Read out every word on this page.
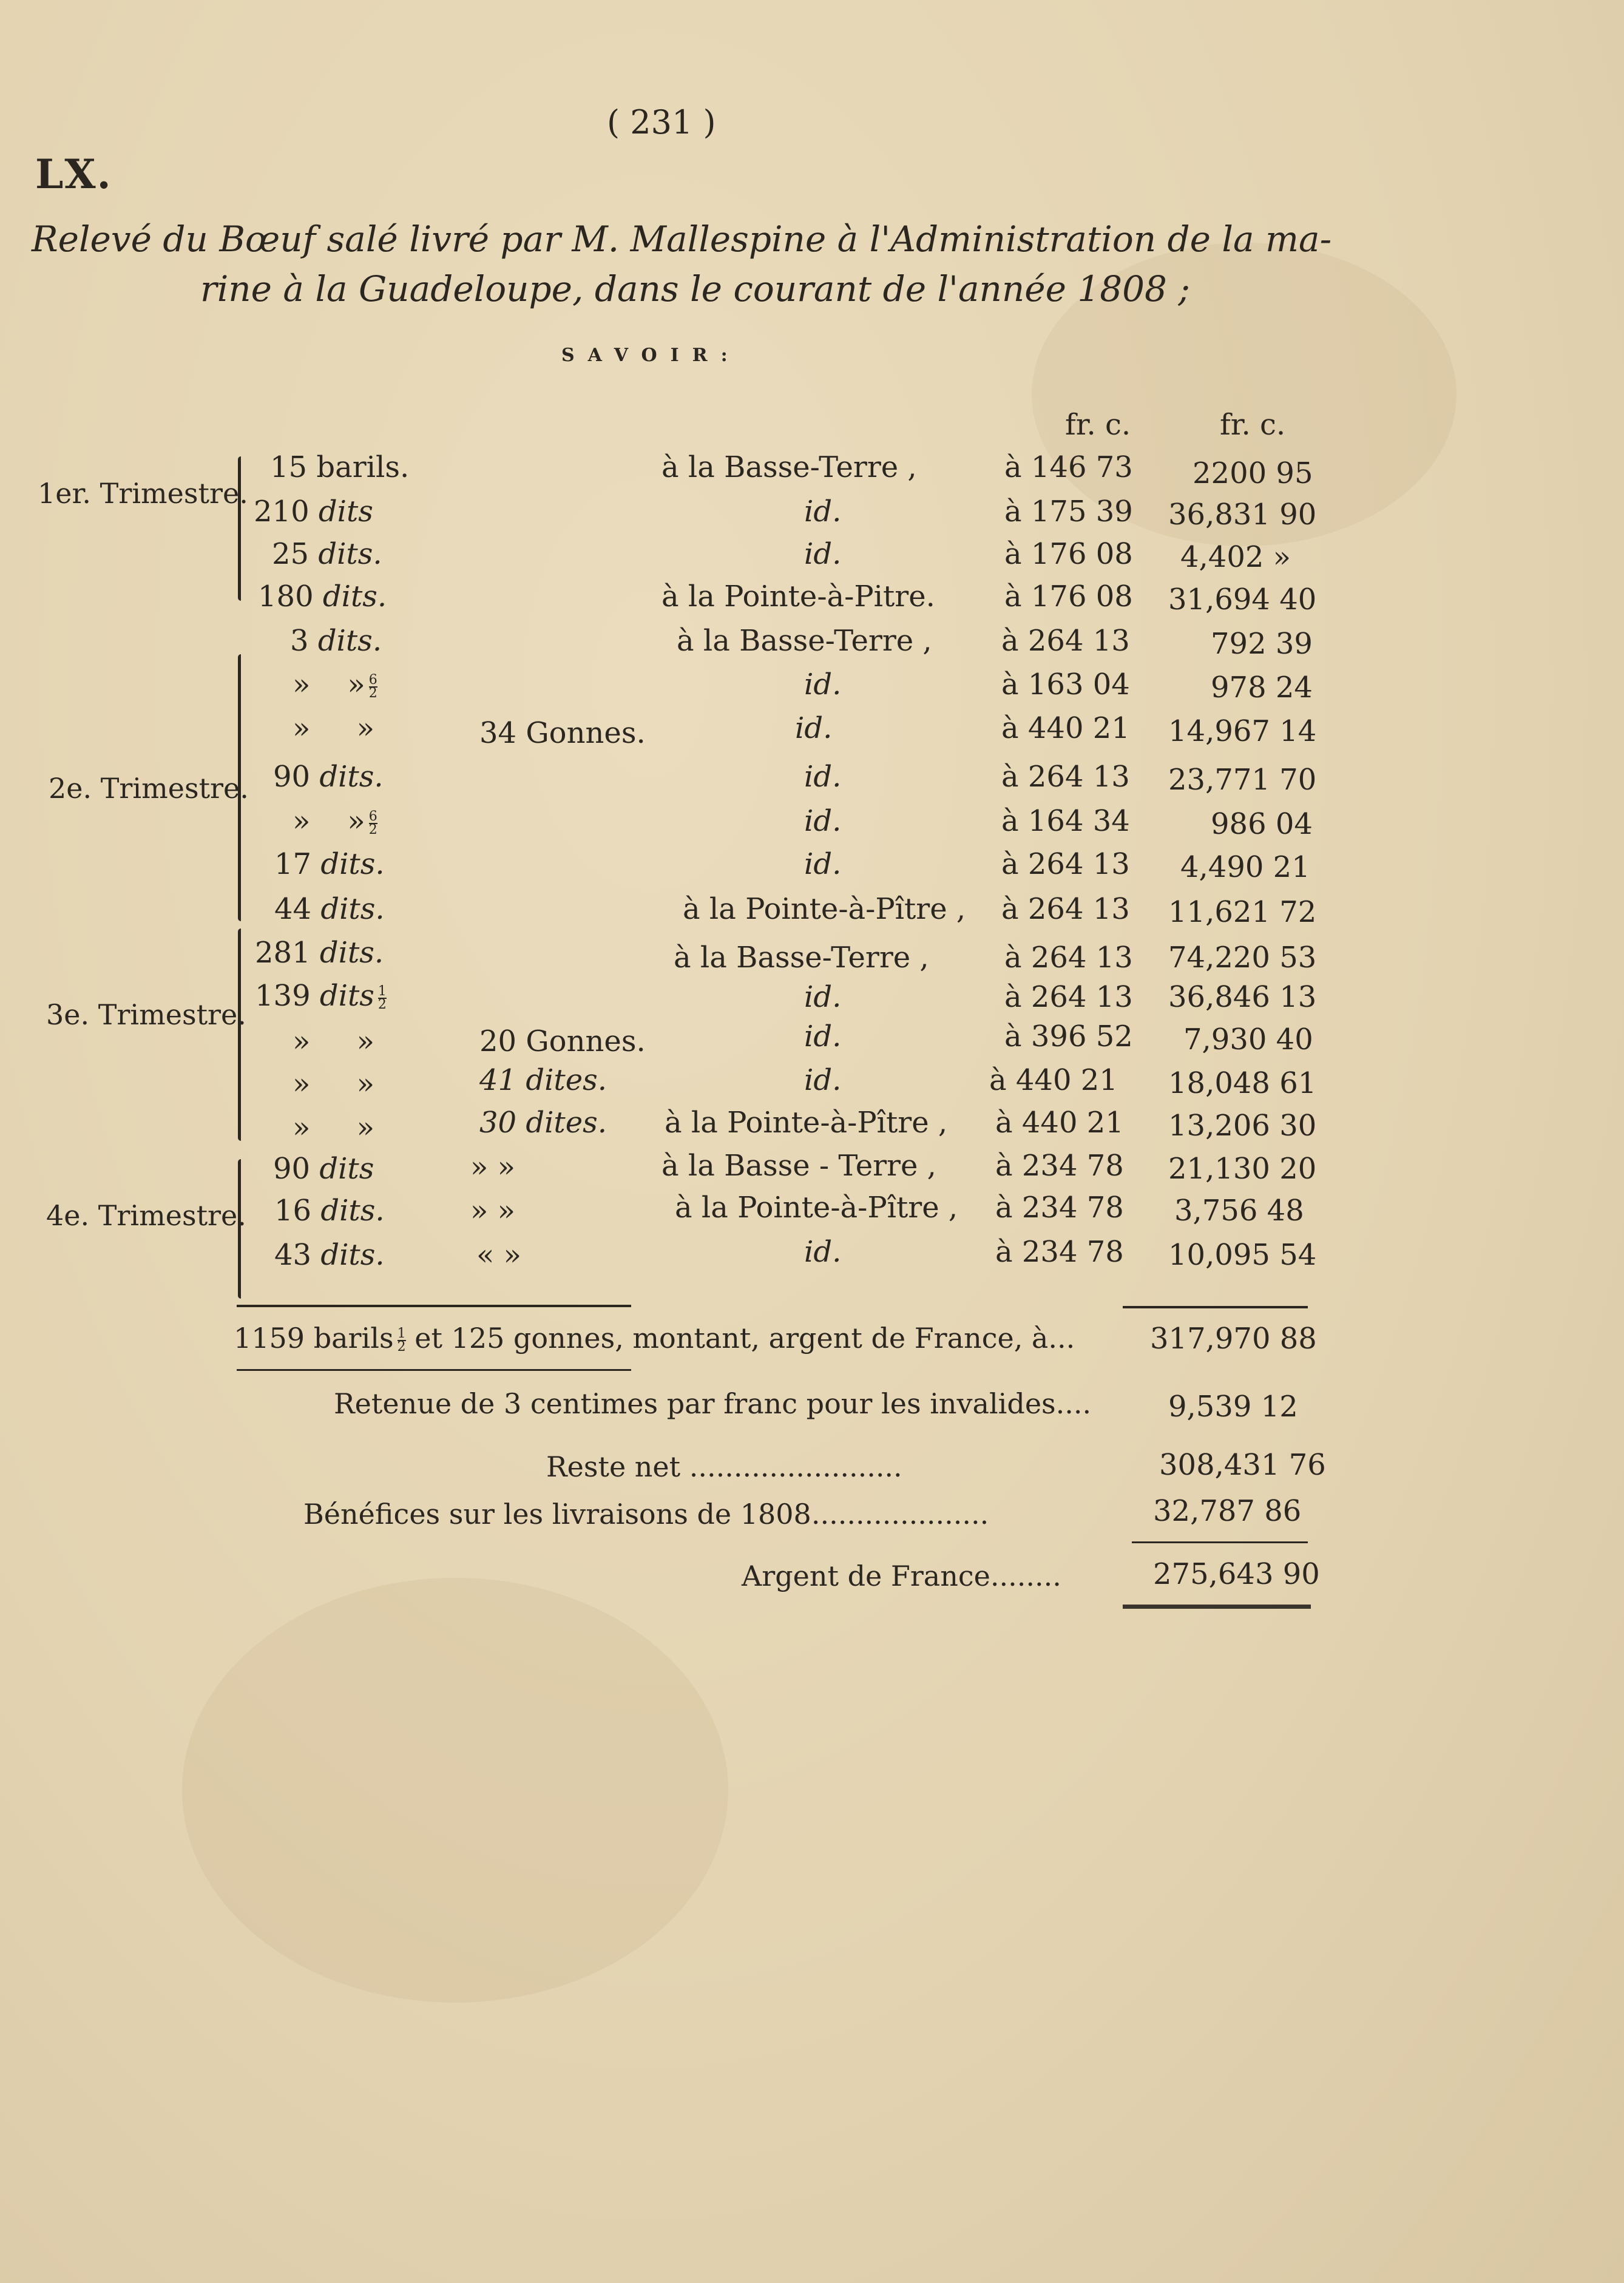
( 231 )
LX.
Relevé du Bœuf salé livré par M. Mallespine à l'Administration de la ma-
rine à la Guadeloupe, dans le courant de l'année 1808 ;
SAVOIR:
fr. c.	fr. c.
1er. Trimestre.
2e. Trimestre.
3e. Trimestre.
4e. Trimestre.
15 barils.	à la Basse-Terre ,	à 146 73 2200 95
210 dits	id.	à 175 39 36,831 90
25 dits.	id.	à 176 08 4,402 »
180 dits.	à la Pointe-à-Pitre. à 176 08 31,694 40
3 dits.	à la Basse-Terre , à 264 13	792 39
» » $\frac{6}{2}$	id.	à 163 04	978 24
» »	34 Gonnes.	id.	à 440 21 14,967 14
90 dits.	id.	à 264 13 23,771 70
» » $\frac{6}{2}$	id.	à 164 34	986 04
17 dits.	id.	à 264 13 4,490 21
44 dits.	à la Pointe-à-Pître , à 264 13 11,621 72
281 dits.	à la Basse-Terre ,	à 264 13 74,220 53
139 dits $\frac{1}{2}$	id.	à 264 13 36,846 13
» »	20 Gonnes.	id.	à 396 52 7,930 40
» »	41 dites.	id.	à 440 21 18,048 61
» »	30 dites. à la Pointe-à-Pître , à 440 21 13,206 30
90 dits	» »	à la Basse - Terre , à 234 78 21,130 20
16 dits.	» »	à la Pointe-à-Pître , à 234 78 3,756 48
43 dits.	« »	id.	à 234 78 10,095 54
1159 barils $\frac{1}{2}$ et 125 gonnes, montant, argent de France, à...	317,970 88
Retenue de 3 centimes par franc pour les invalides....	9,539 12
Reste net ........................	308,431 76
Bénéfices sur les livraisons de 1808....................	32,787 86
Argent de France........	275,643 90
